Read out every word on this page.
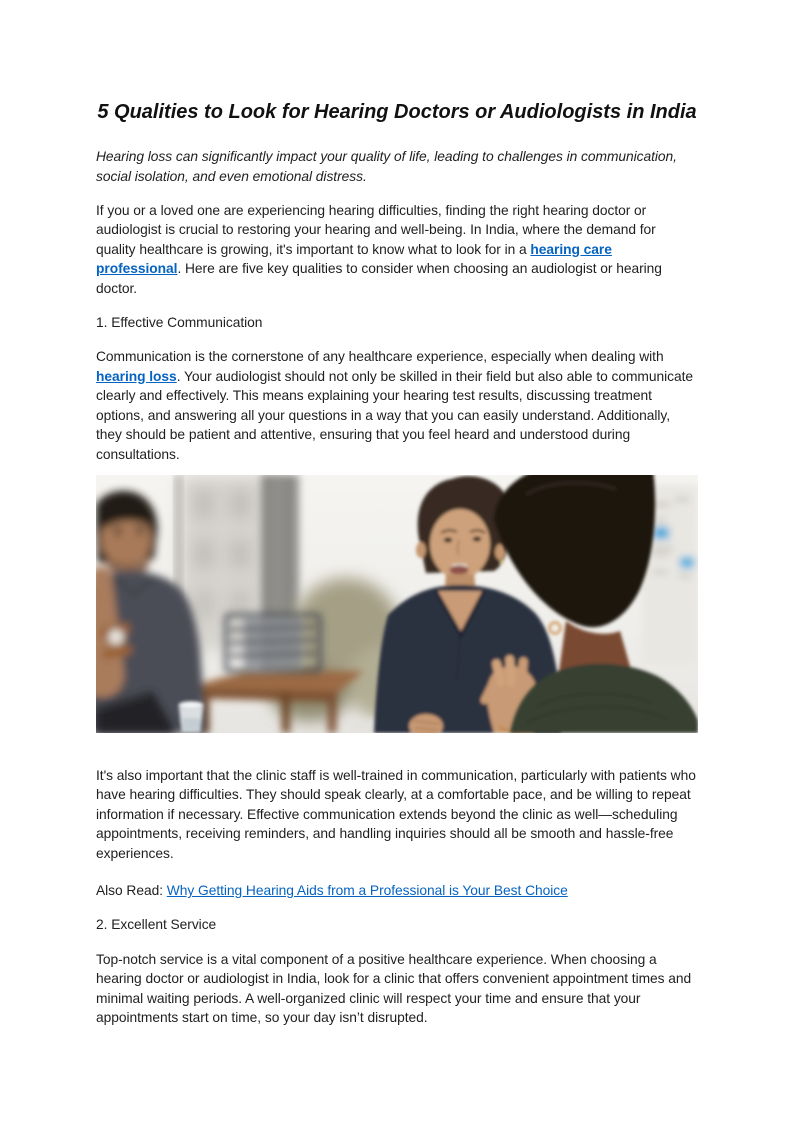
5 Qualities to Look for Hearing Doctors or Audiologists in India

Hearing loss can significantly impact your quality of life, leading to challenges in communication, social isolation, and even emotional distress.

If you or a loved one are experiencing hearing difficulties, finding the right hearing doctor or audiologist is crucial to restoring your hearing and well-being. In India, where the demand for quality healthcare is growing, it's important to know what to look for in a hearing care professional. Here are five key qualities to consider when choosing an audiologist or hearing doctor.

1. Effective Communication

Communication is the cornerstone of any healthcare experience, especially when dealing with hearing loss. Your audiologist should not only be skilled in their field but also able to communicate clearly and effectively. This means explaining your hearing test results, discussing treatment options, and answering all your questions in a way that you can easily understand. Additionally, they should be patient and attentive, ensuring that you feel heard and understood during consultations.

It's also important that the clinic staff is well-trained in communication, particularly with patients who have hearing difficulties. They should speak clearly, at a comfortable pace, and be willing to repeat information if necessary. Effective communication extends beyond the clinic as well—scheduling appointments, receiving reminders, and handling inquiries should all be smooth and hassle-free experiences.

Also Read: Why Getting Hearing Aids from a Professional is Your Best Choice

2. Excellent Service

Top-notch service is a vital component of a positive healthcare experience. When choosing a hearing doctor or audiologist in India, look for a clinic that offers convenient appointment times and minimal waiting periods. A well-organized clinic will respect your time and ensure that your appointments start on time, so your day isn’t disrupted.
